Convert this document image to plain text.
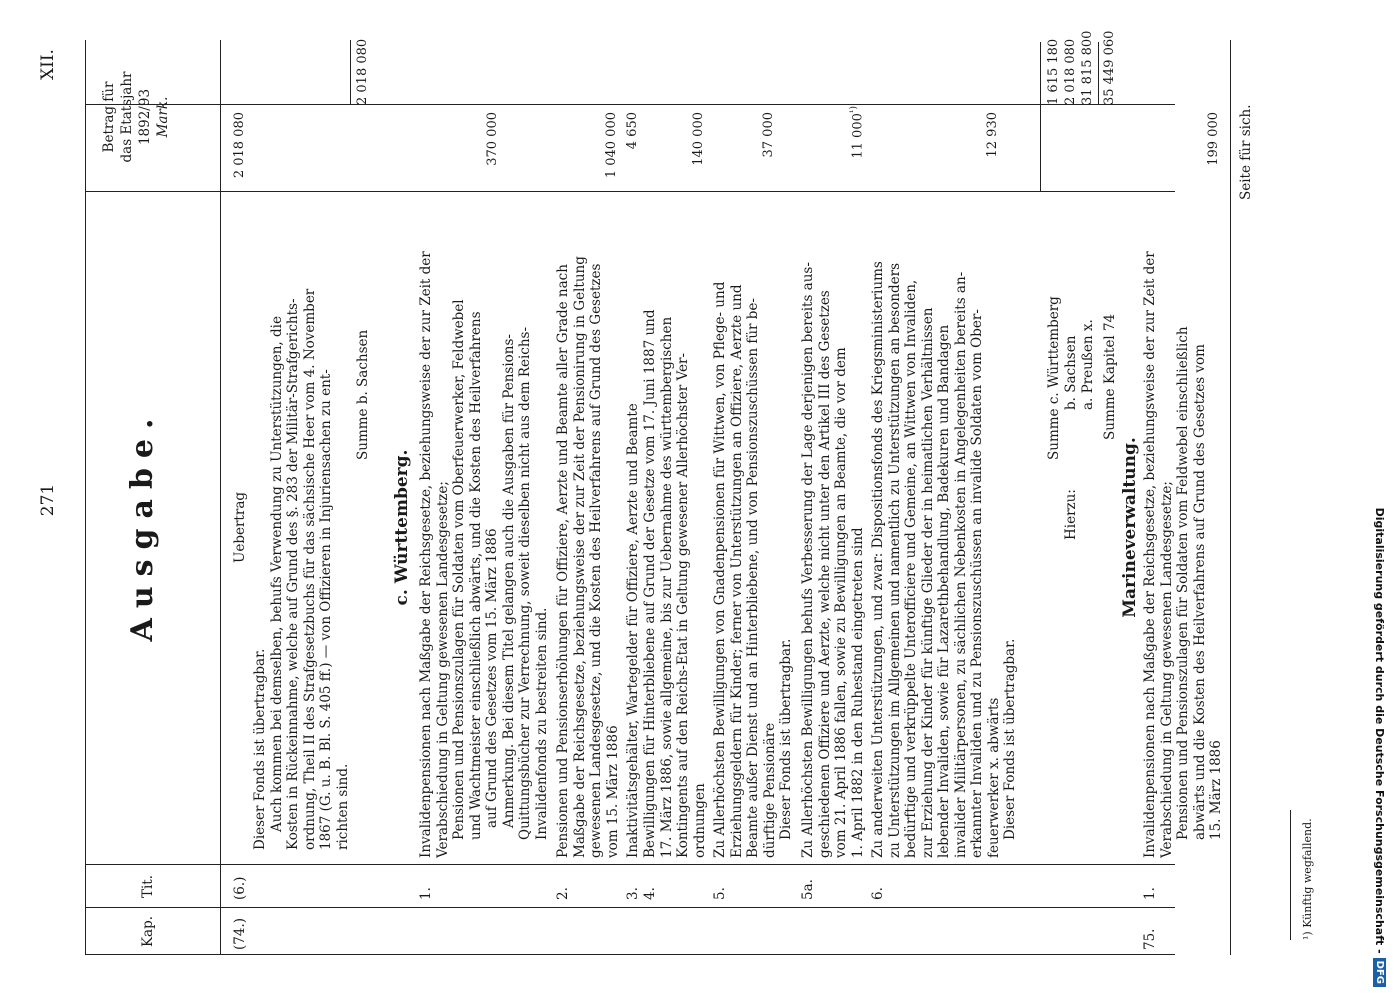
271
XII.
Kap.
Tit.
Ausgabe.
Betrag für das Etatsjahr 1892/93 Mark.
(74.)
(6.)
Uebertrag
2 018 080
Dieser Fonds ist übertragbar. Auch kommen bei demselben, behufs Verwendung zu Unterstützungen, die Kosten in Rückeinnahme, welche auf Grund des §. 283 der Militär-Strafgerichts- ordnung, Theil II des Strafgesetzbuchs für das sächsische Heer vom 4. November 1867 (G. u. B. Bl. S. 405 ff.) — von Offizieren in Injuriensachen zu ent- richten sind.
Summe b. Sachsen
2 018 080
c. Württemberg.
1.
Invalidenpensionen nach Maßgabe der Reichsgesetze, beziehungsweise der zur Zeit der Verabschiedung in Geltung gewesenen Landesgesetze; Pensionen und Pensionszulagen für Soldaten vom Oberfeuerwerker, Feldwebel und Wachtmeister einschließlich abwärts, und die Kosten des Heilverfahrens auf Grund des Gesetzes vom 15. März 1886 Anmerkung. Bei diesem Titel gelangen auch die Ausgaben für Pensions- Quittungsbücher zur Verrechnung, soweit dieselben nicht aus dem Reichs- Invalidenfonds zu bestreiten sind.
370 000
2.
Pensionen und Pensionserhöhungen für Offiziere, Aerzte und Beamte aller Grade nach Maßgabe der Reichsgesetze, beziehungsweise der zur Zeit der Pensionirung in Geltung gewesenen Landesgesetze, und die Kosten des Heilverfahrens auf Grund des Gesetzes vom 15. März 1886
1 040 000
3.
Inaktivitätsgehälter, Wartegelder für Offiziere, Aerzte und Beamte
4 650
4.
Bewilligungen für Hinterbliebene auf Grund der Gesetze vom 17. Juni 1887 und 17. März 1886, sowie allgemeine, bis zur Uebernahme des württembergischen Kontingents auf den Reichs-Etat in Geltung gewesener Allerhöchster Ver- ordnungen
140 000
5.
Zu Allerhöchsten Bewilligungen von Gnadenpensionen für Wittwen, von Pflege- und Erziehungsgeldern für Kinder; ferner von Unterstützungen an Offiziere, Aerzte und Beamte außer Dienst und an Hinterbliebene, und von Pensionszuschüssen für be- dürftige Pensionäre Dieser Fonds ist übertragbar.
37 000
5a.
Zu Allerhöchsten Bewilligungen behufs Verbesserung der Lage derjenigen bereits aus- geschiedenen Offiziere und Aerzte, welche nicht unter den Artikel III des Gesetzes vom 21. April 1886 fallen, sowie zu Bewilligungen an Beamte, die vor dem 1. April 1882 in den Ruhestand eingetreten sind
11 $000^{^1)}$
6.
Zu anderweiten Unterstützungen, und zwar: Dispositionsfonds des Kriegsministeriums zu Unterstützungen im Allgemeinen und namentlich zu Unterstützungen an besonders bedürftige und verkrüppelte Unterofficiere und Gemeine, an Wittwen von Invaliden, zur Erziehung der Kinder für künftige Glieder der in heimatlichen Verhältnissen lebender Invaliden, sowie für Lazarethbehandlung, Badekuren und Bandagen invalider Militärpersonen, zu sächlichen Nebenkosten in Angelegenheiten bereits an- erkannter Invaliden und zu Pensionszuschüssen an invalide Soldaten vom Ober- feuerwerker x. abwärts Dieser Fonds ist übertragbar.
12 930
Summe c. Württemberg
1 615 180
Hierzu:
b. Sachsen
2 018 080
a. Preußen x.
31 815 800
Summe Kapitel 74
35 449 060
Marineverwaltung.
75.
1.
Invalidenpensionen nach Maßgabe der Reichsgesetze, beziehungsweise der zur Zeit der Verabschiedung in Geltung gewesenen Landesgesetze; Pensionen und Pensionszulagen für Soldaten vom Feldwebel einschließlich abwärts und die Kosten des Heilverfahrens auf Grund des Gesetzes vom 15. März 1886
199 000 Seite für sich.
¹) Künftig wegfallend.	Digitalisierung gefördert durch die Deutsche Forschungsgemeinschaft -
DFG
